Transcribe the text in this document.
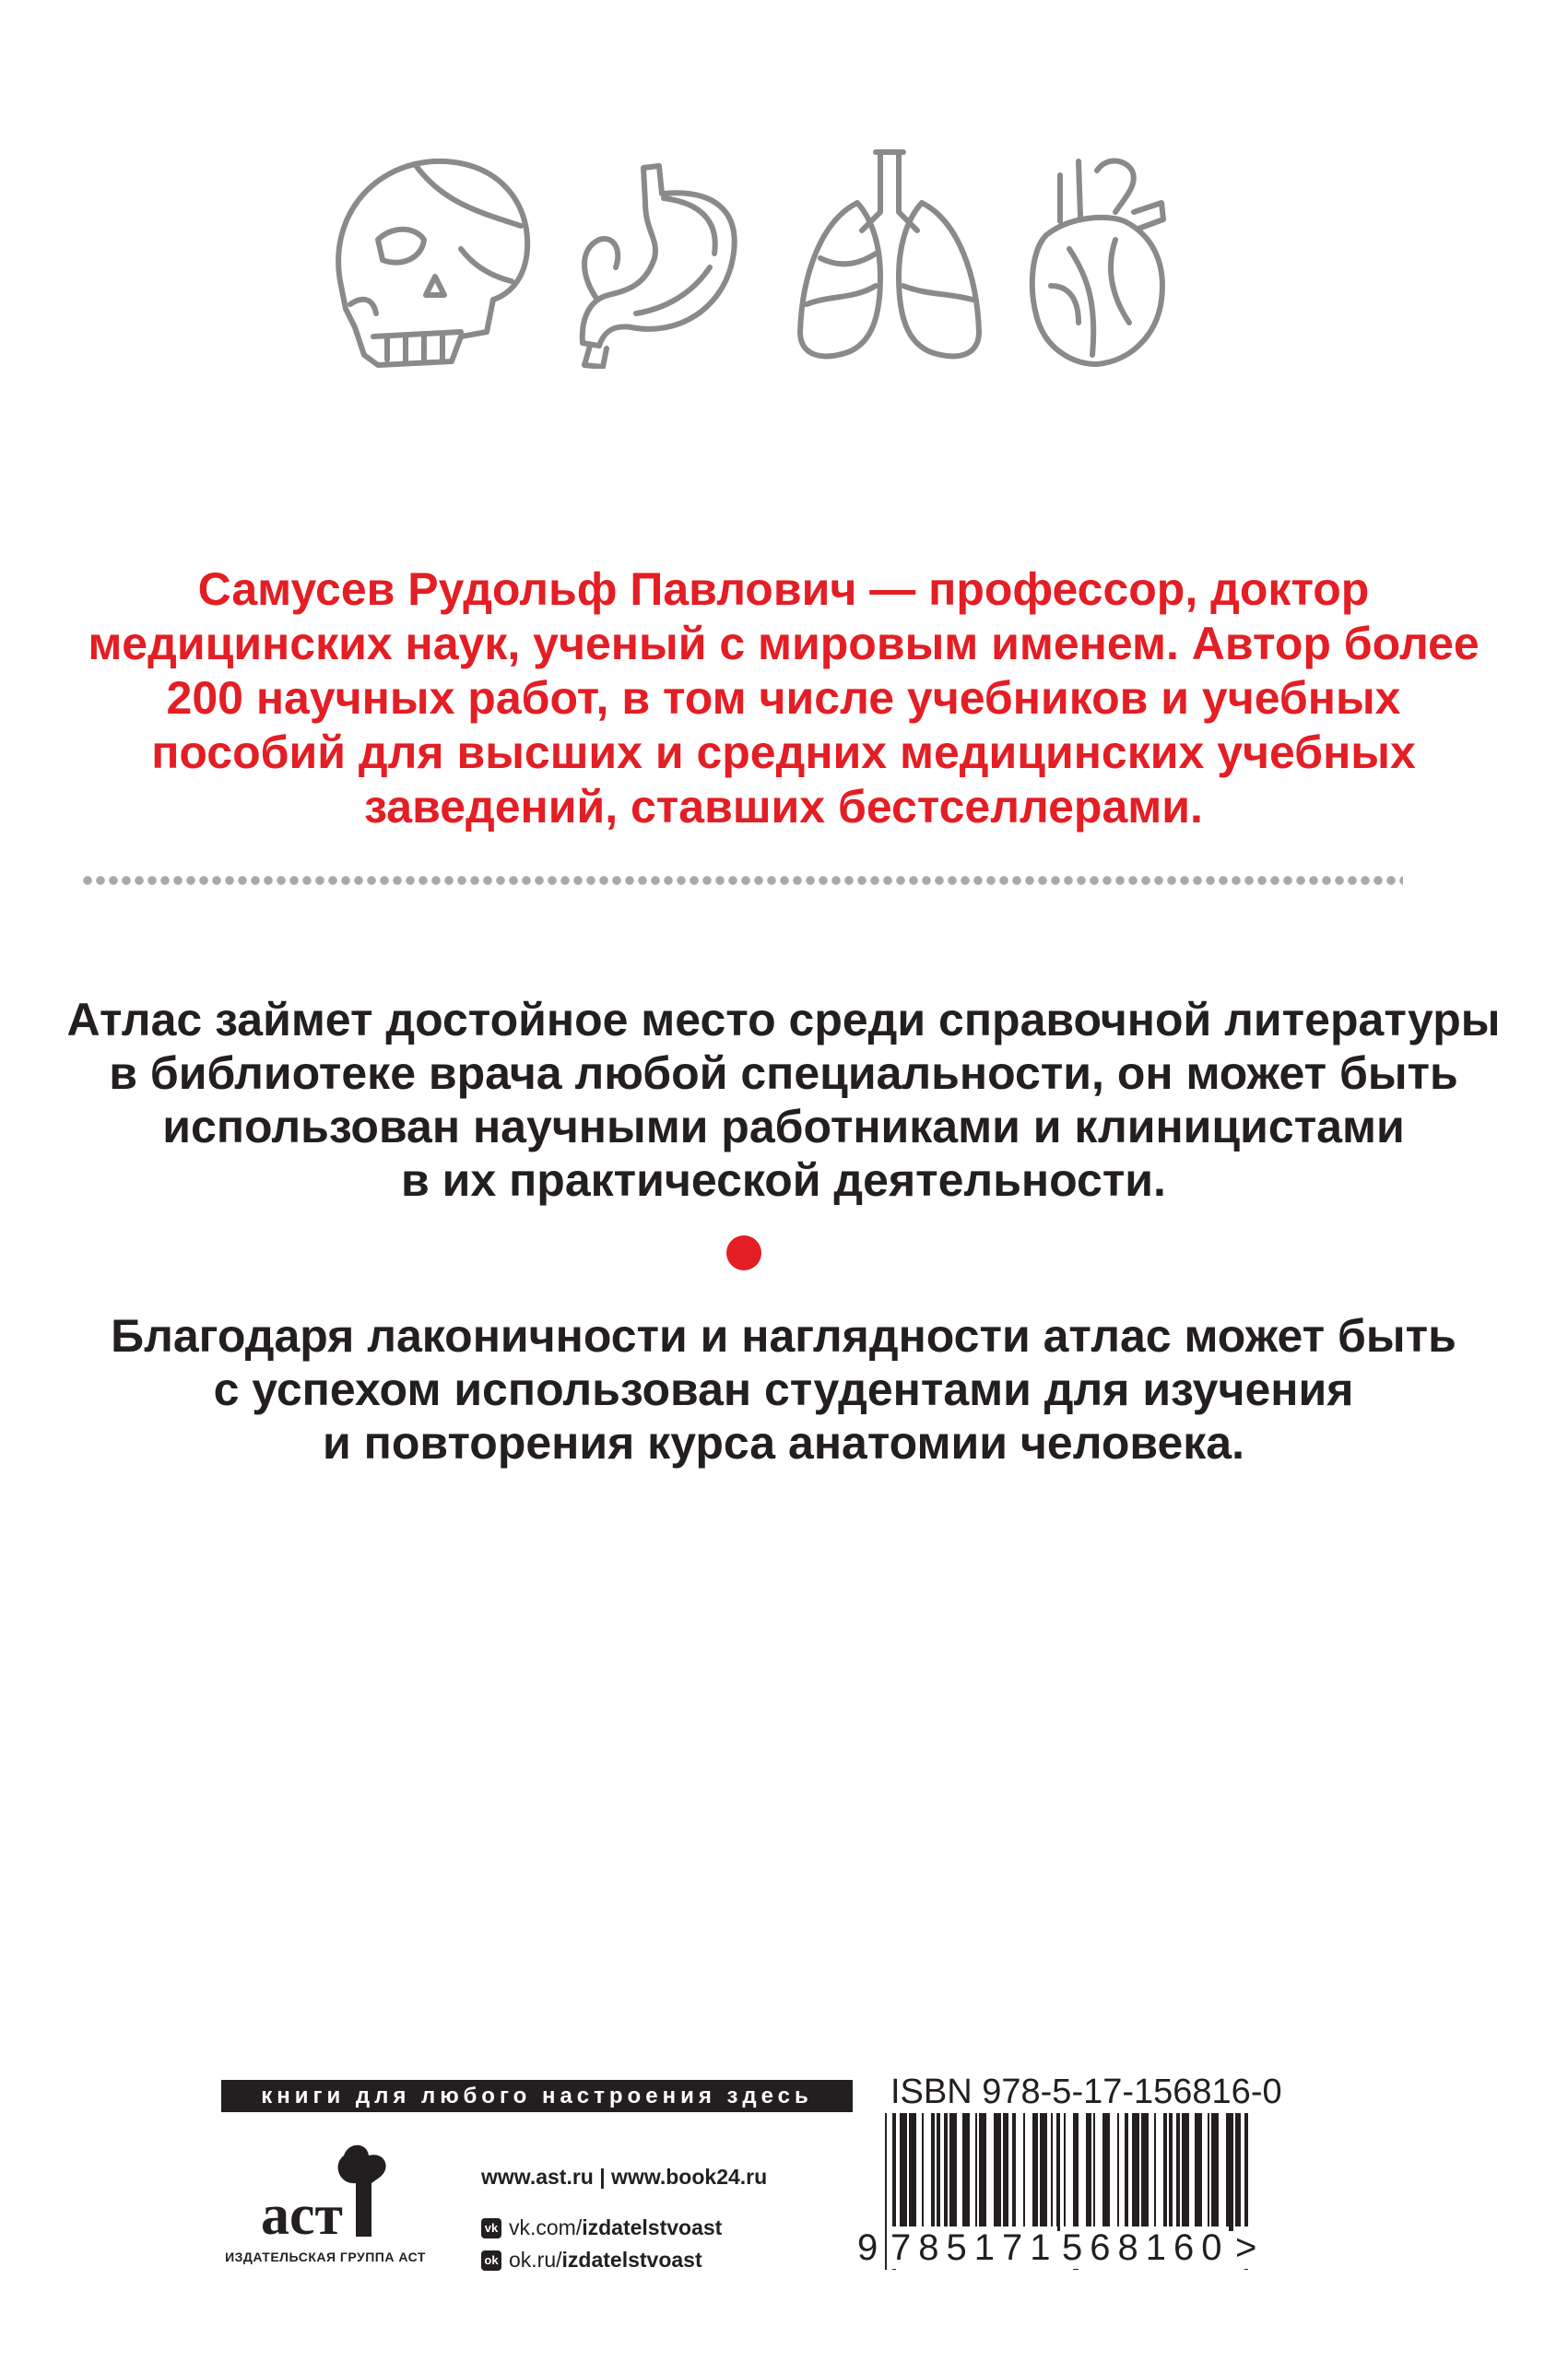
Самусев Рудольф Павлович — профессор, доктор
медицинских наук, ученый с мировым именем. Автор более
200 научных работ, в том числе учебников и учебных
пособий для высших и средних медицинских учебных
заведений, ставших бестселлерами.
Атлас займет достойное место среди справочной литературы
в библиотеке врача любой специальности, он может быть
использован научными работниками и клиницистами
в их практической деятельности.
Благодаря лаконичности и наглядности атлас может быть
с успехом использован студентами для изучения
и повторения курса анатомии человека.
книги для любого настроения здесь
аст
ИЗДАТЕЛЬСКАЯ ГРУППА АСТ
www.ast.ru | www.book24.ru
vk vk.com/ izdatelstvoast
ok ok.ru/ izdatelstvoast
ISBN 978-5-17-156816-0
9 785171 568160 >
